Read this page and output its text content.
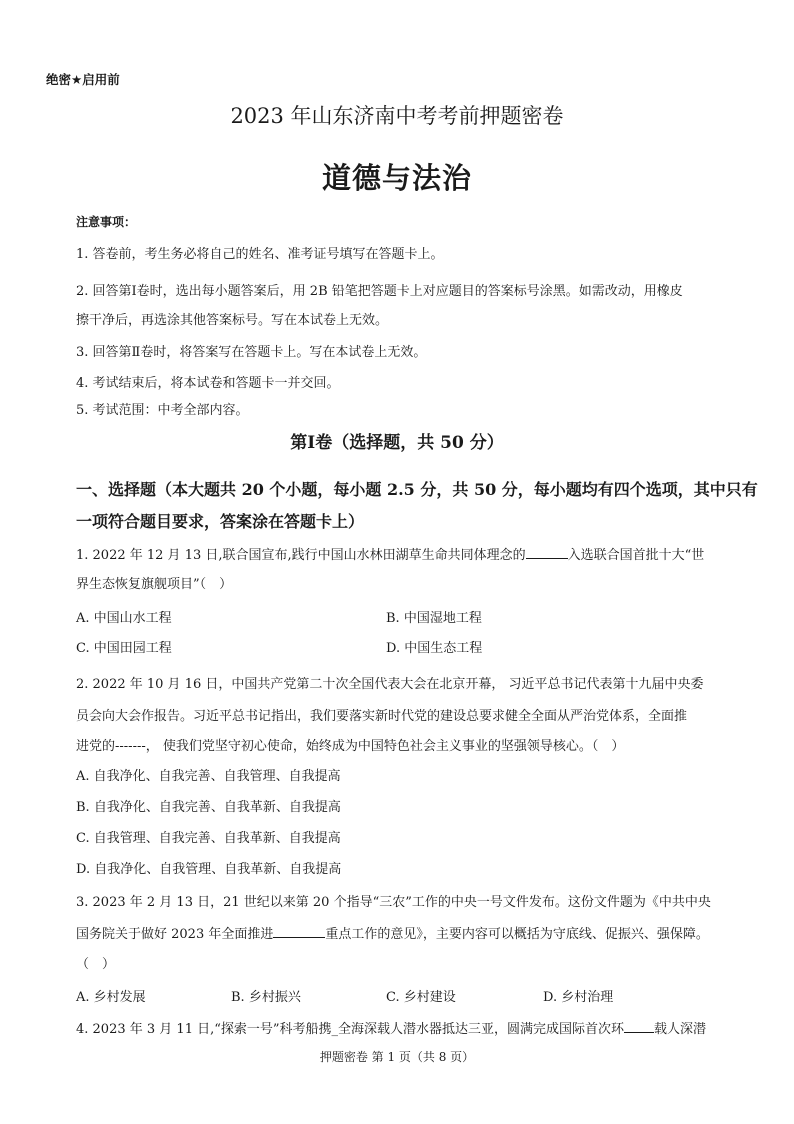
绝密★启用前
2023 年山东济南中考考前押题密卷
道德与法治
注意事项：
1. 答卷前，考生务必将自己的姓名、准考证号填写在答题卡上。
2. 回答第Ⅰ卷时，选出每小题答案后，用 2B 铅笔把答题卡上对应题目的答案标号涂黑。如需改动，用橡皮
擦干净后，再选涂其他答案标号。写在本试卷上无效。
3. 回答第Ⅱ卷时，将答案写在答题卡上。写在本试卷上无效。
4. 考试结束后，将本试卷和答题卡一并交回。
5. 考试范围：中考全部内容。
第Ⅰ卷（选择题，共 50 分）
一、选择题（本大题共 20 个小题，每小题 2.5 分，共 50 分，每小题均有四个选项，其中只有
一项符合题目要求，答案涂在答题卡上）
1. 2022 年 12 月 13 日,联合国宣布,践行中国山水林田湖草生命共同体理念的	入选联合国首批十大“世
界生态恢复旗舰项目”（　）
A. 中国山水工程	B. 中国湿地工程
C. 中国田园工程	D. 中国生态工程
2. 2022 年 10 月 16 日，中国共产党第二十次全国代表大会在北京开幕， 习近平总书记代表第十九届中央委
员会向大会作报告。习近平总书记指出，我们要落实新时代党的建设总要求健全全面从严治党体系，全面推
进党的-------， 使我们党坚守初心使命，始终成为中国特色社会主义事业的坚强领导核心。（　）
A. 自我净化、自我完善、自我管理、自我提高
B. 自我净化、自我完善、自我革新、自我提高
C. 自我管理、自我完善、自我革新、自我提高
D. 自我净化、自我管理、自我革新、自我提高
3. 2023 年 2 月 13 日，21 世纪以来第 20 个指导“三农”工作的中央一号文件发布。这份文件题为《中共中央
国务院关于做好 2023 年全面推进	重点工作的意见》，主要内容可以概括为守底线、促振兴、强保障。
（　）
A. 乡村发展	B. 乡村振兴	C. 乡村建设	D. 乡村治理
4. 2023 年 3 月 11 日,“探索一号”科考船携_全海深载人潜水器抵达三亚，圆满完成国际首次环 载人深潜
押题密卷 第 1 页（共 8 页）
